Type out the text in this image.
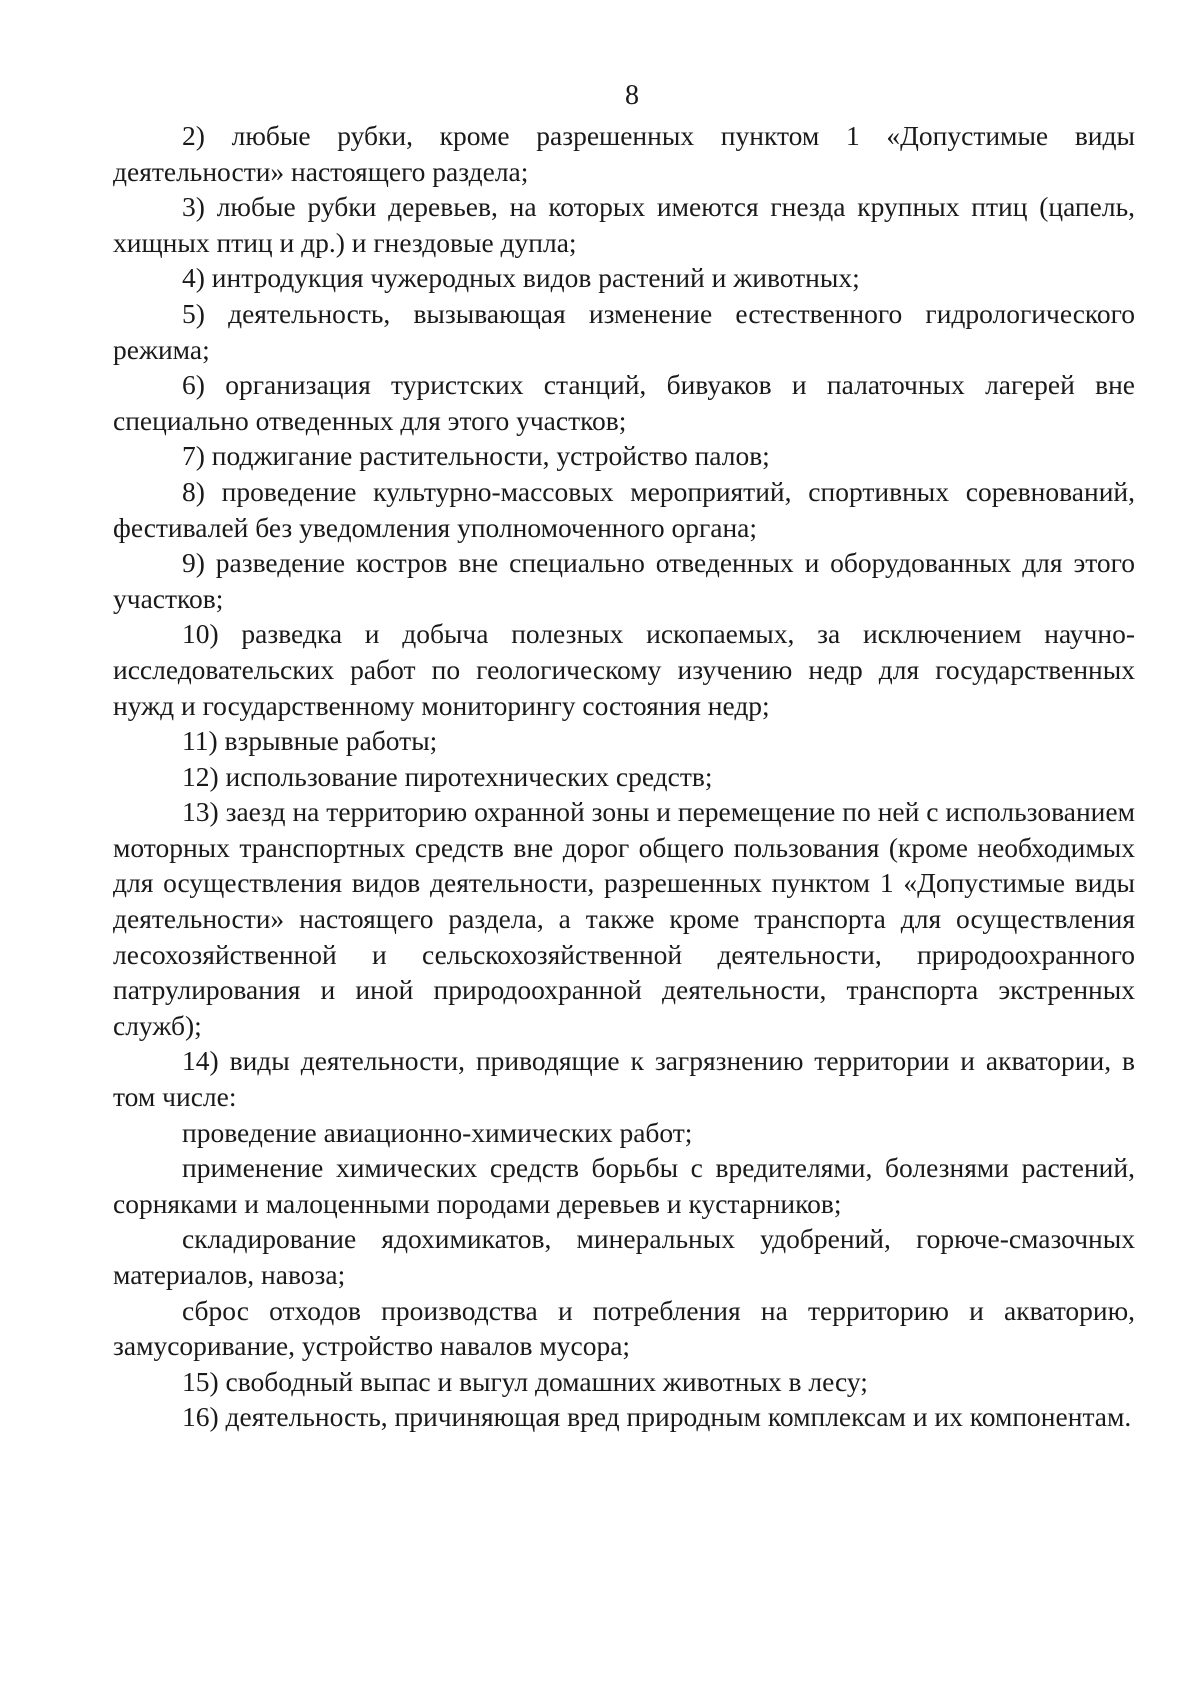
8

2) любые рубки, кроме разрешенных пунктом 1 «Допустимые виды деятельности» настоящего раздела;

3) любые рубки деревьев, на которых имеются гнезда крупных птиц (цапель, хищных птиц и др.) и гнездовые дупла;

4) интродукция чужеродных видов растений и животных;

5) деятельность, вызывающая изменение естественного гидрологического режима;

6) организация туристских станций, бивуаков и палаточных лагерей вне специально отведенных для этого участков;

7) поджигание растительности, устройство палов;

8) проведение культурно-массовых мероприятий, спортивных соревнований, фестивалей без уведомления уполномоченного органа;

9) разведение костров вне специально отведенных и оборудованных для этого участков;

10) разведка и добыча полезных ископаемых, за исключением научно-исследовательских работ по геологическому изучению недр для государственных нужд и государственному мониторингу состояния недр;

11) взрывные работы;

12) использование пиротехнических средств;

13) заезд на территорию охранной зоны и перемещение по ней с использованием моторных транспортных средств вне дорог общего пользования (кроме необходимых для осуществления видов деятельности, разрешенных пунктом 1 «Допустимые виды деятельности» настоящего раздела, а также кроме транспорта для осуществления лесохозяйственной и сельскохозяйственной деятельности, природоохранного патрулирования и иной природоохранной деятельности, транспорта экстренных служб);

14) виды деятельности, приводящие к загрязнению территории и акватории, в том числе:

проведение авиационно-химических работ;

применение химических средств борьбы с вредителями, болезнями растений, сорняками и малоценными породами деревьев и кустарников;

складирование ядохимикатов, минеральных удобрений, горюче-смазочных материалов, навоза;

сброс отходов производства и потребления на территорию и акваторию, замусоривание, устройство навалов мусора;

15) свободный выпас и выгул домашних животных в лесу;

16) деятельность, причиняющая вред природным комплексам и их компонентам.
